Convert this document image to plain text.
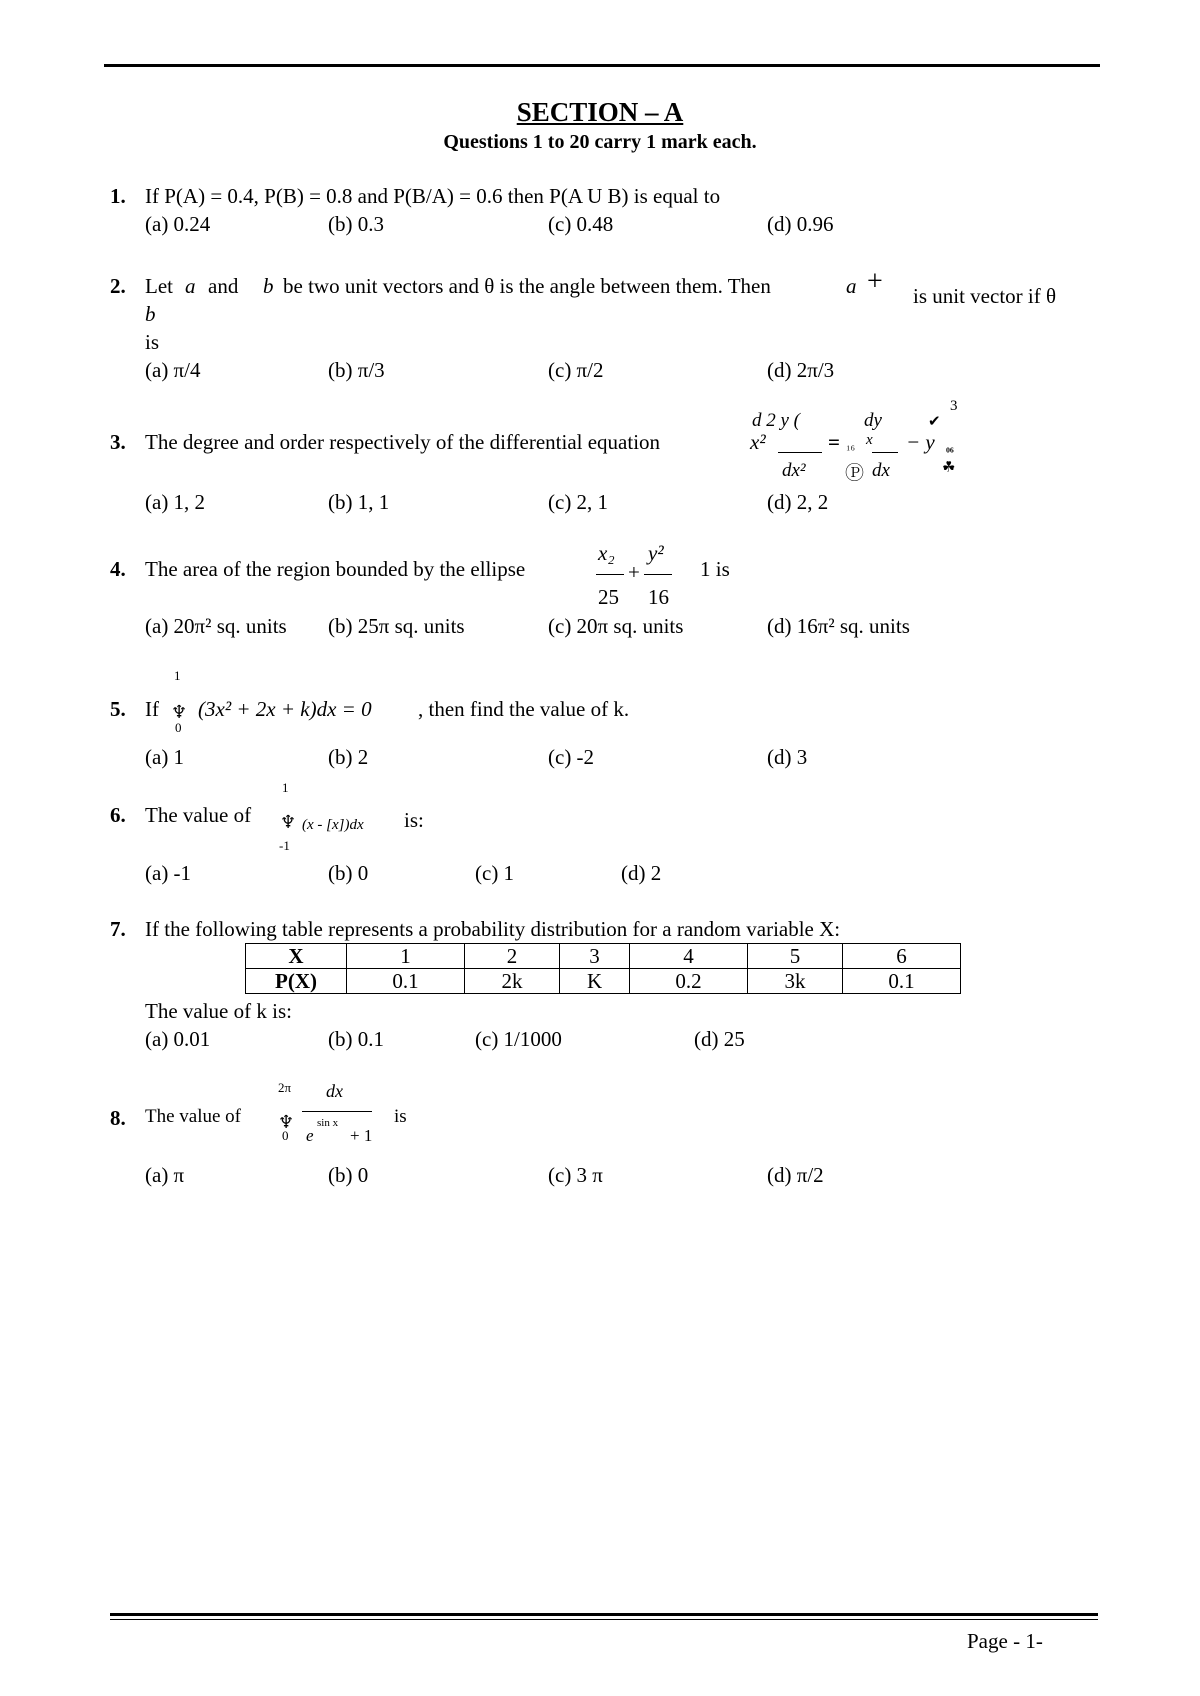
SECTION – A
Questions 1 to 20 carry 1 mark each.
1. If P(A) = 0.4, P(B) = 0.8 and P(B/A) = 0.6 then P(A U B) is equal to
(a) 0.24	(b) 0.3	(c) 0.48	(d) 0.96
2. Let a and b be two unit vectors and θ is the angle between them. Then	a + is unit vector if θ
b
is
(a) π/4	(b) π/3	(c) π/2	(d) 2π/3
3. The degree and order respectively of the differential equation	x²
d 2 y (
dx²
= ₁₆ x
Ⓟ
dy
dx
− y ₀₆
☘
✔
3
(a) 1, 2	(b) 1, 1	(c) 2, 1	(d) 2, 2
4. The area of the region bounded by the ellipse
x₂
25
+
y²
16
1 is
(a) 20π² sq. units (b) 25π sq. units	(c) 20π sq. units	(d) 16π² sq. units
1
5. If ♆
0
(3x² + 2x + k)dx = 0 , then find the value of k.
(a) 1	(b) 2	(c) -2	(d) 3
1
6. The value of ♆
-1
(x - [x])dx is:
(a) -1	(b) 0	(c) 1	(d) 2
7. If the following table represents a probability distribution for a random variable X:
X	1	2	3	4	5	6
P(X)	0.1	2k	K	0.2	3k	0.1
The value of k is:
(a) 0.01	(b) 0.1	(c) 1/1000	(d) 25
2π dx
8. The value of ♆
0 e
sin x
+ 1
is
(a) π	(b) 0	(c) 3 π	(d) π/2
Page - 1-
